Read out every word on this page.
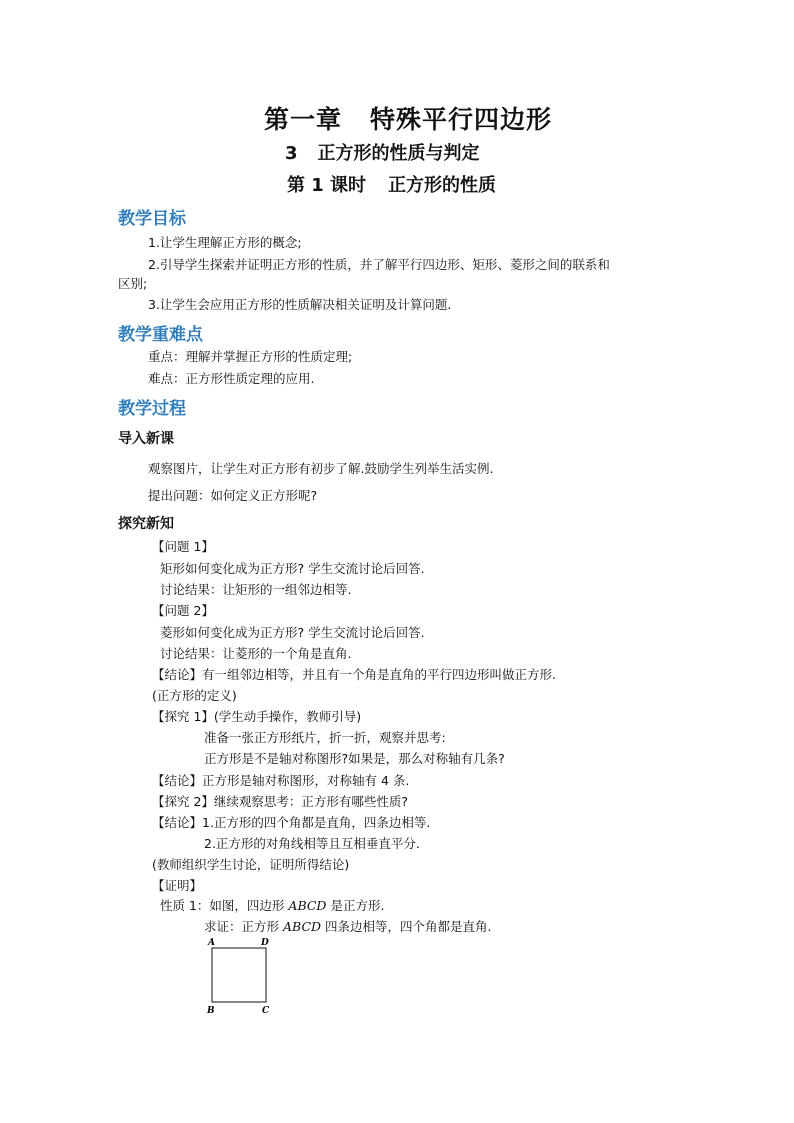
第一章 特殊平行四边形
3 正方形的性质与判定
第 1 课时 正方形的性质
教学目标
1.让学生理解正方形的概念;
2.引导学生探索并证明正方形的性质，并了解平行四边形、矩形、菱形之间的联系和
区别;
3.让学生会应用正方形的性质解决相关证明及计算问题.
教学重难点
重点：理解并掌握正方形的性质定理;
难点：正方形性质定理的应用.
教学过程
导入新课
观察图片，让学生对正方形有初步了解.鼓励学生列举生活实例.
提出问题：如何定义正方形呢?
探究新知
【问题 1】
矩形如何变化成为正方形? 学生交流讨论后回答.
讨论结果：让矩形的一组邻边相等.
【问题 2】
菱形如何变化成为正方形? 学生交流讨论后回答.
讨论结果：让菱形的一个角是直角.
【结论】有一组邻边相等，并且有一个角是直角的平行四边形叫做正方形.
(正方形的定义)
【探究 1】(学生动手操作，教师引导)
准备一张正方形纸片，折一折，观察并思考:
正方形是不是轴对称图形?如果是，那么对称轴有几条?
【结论】正方形是轴对称图形，对称轴有 4 条.
【探究 2】继续观察思考：正方形有哪些性质?
【结论】1.正方形的四个角都是直角，四条边相等.
2.正方形的对角线相等且互相垂直平分.
(教师组织学生讨论，证明所得结论)
【证明】
性质 1：如图，四边形 ABCD 是正方形.
求证：正方形 ABCD 四条边相等，四个角都是直角.
A	D
B	C
